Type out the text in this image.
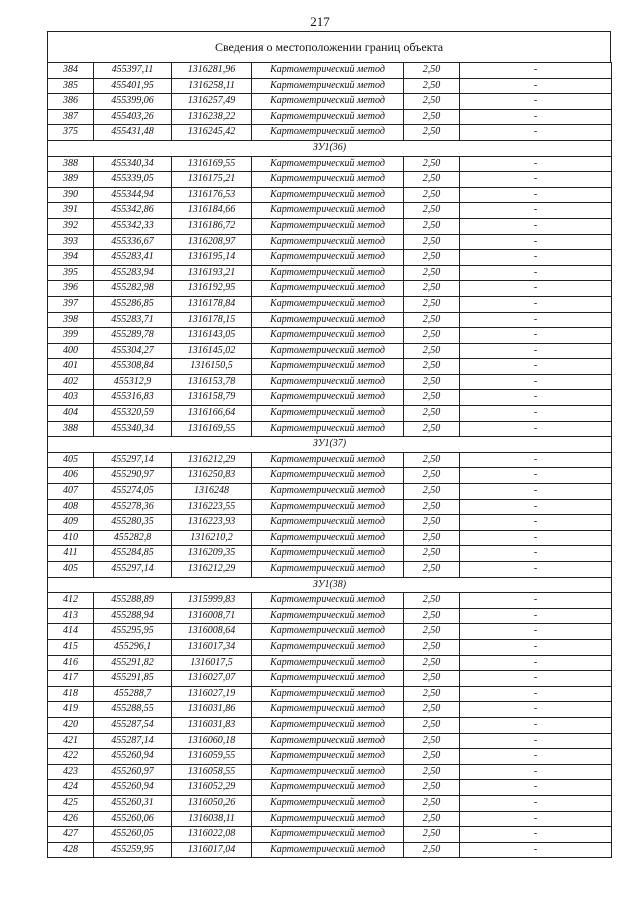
217
Сведения о местоположении границ объекта
384	455397,11	1316281,96	Картометрический метод	2,50	-
385	455401,95	1316258,11	Картометрический метод	2,50	-
386	455399,06	1316257,49	Картометрический метод	2,50	-
387	455403,26	1316238,22	Картометрический метод	2,50	-
375	455431,48	1316245,42	Картометрический метод	2,50	-
ЗУ1(36)					
388	455340,34	1316169,55	Картометрический метод	2,50	-
389	455339,05	1316175,21	Картометрический метод	2,50	-
390	455344,94	1316176,53	Картометрический метод	2,50	-
391	455342,86	1316184,66	Картометрический метод	2,50	-
392	455342,33	1316186,72	Картометрический метод	2,50	-
393	455336,67	1316208,97	Картометрический метод	2,50	-
394	455283,41	1316195,14	Картометрический метод	2,50	-
395	455283,94	1316193,21	Картометрический метод	2,50	-
396	455282,98	1316192,95	Картометрический метод	2,50	-
397	455286,85	1316178,84	Картометрический метод	2,50	-
398	455283,71	1316178,15	Картометрический метод	2,50	-
399	455289,78	1316143,05	Картометрический метод	2,50	-
400	455304,27	1316145,02	Картометрический метод	2,50	-
401	455308,84	1316150,5	Картометрический метод	2,50	-
402	455312,9	1316153,78	Картометрический метод	2,50	-
403	455316,83	1316158,79	Картометрический метод	2,50	-
404	455320,59	1316166,64	Картометрический метод	2,50	-
388	455340,34	1316169,55	Картометрический метод	2,50	-
ЗУ1(37)					
405	455297,14	1316212,29	Картометрический метод	2,50	-
406	455290,97	1316250,83	Картометрический метод	2,50	-
407	455274,05	1316248	Картометрический метод	2,50	-
408	455278,36	1316223,55	Картометрический метод	2,50	-
409	455280,35	1316223,93	Картометрический метод	2,50	-
410	455282,8	1316210,2	Картометрический метод	2,50	-
411	455284,85	1316209,35	Картометрический метод	2,50	-
405	455297,14	1316212,29	Картометрический метод	2,50	-
ЗУ1(38)					
412	455288,89	1315999,83	Картометрический метод	2,50	-
413	455288,94	1316008,71	Картометрический метод	2,50	-
414	455295,95	1316008,64	Картометрический метод	2,50	-
415	455296,1	1316017,34	Картометрический метод	2,50	-
416	455291,82	1316017,5	Картометрический метод	2,50	-
417	455291,85	1316027,07	Картометрический метод	2,50	-
418	455288,7	1316027,19	Картометрический метод	2,50	-
419	455288,55	1316031,86	Картометрический метод	2,50	-
420	455287,54	1316031,83	Картометрический метод	2,50	-
421	455287,14	1316060,18	Картометрический метод	2,50	-
422	455260,94	1316059,55	Картометрический метод	2,50	-
423	455260,97	1316058,55	Картометрический метод	2,50	-
424	455260,94	1316052,29	Картометрический метод	2,50	-
425	455260,31	1316050,26	Картометрический метод	2,50	-
426	455260,06	1316038,11	Картометрический метод	2,50	-
427	455260,05	1316022,08	Картометрический метод	2,50	-
428	455259,95	1316017,04	Картометрический метод	2,50	-
